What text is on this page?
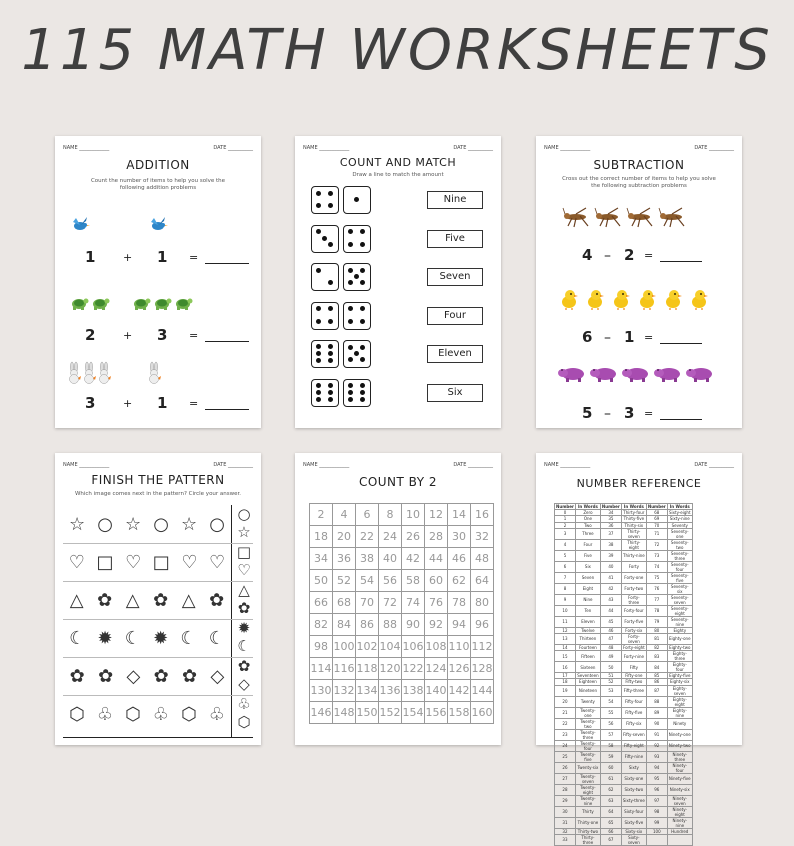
115 MATH WORKSHEETS
NAME ____________	DATE __________
ADDITION
Count the number of items to help you solve the following addition problems
1	+ 1 =
2	+ 3 =
3	+ 1 =
NAME ____________	DATE __________
COUNT AND MATCH
Draw a line to match the amount
Nine
Five
Seven
Four
Eleven
Six
NAME ____________	DATE __________
SUBTRACTION
Cross out the correct number of items to help you solve the following subtraction problems
4 – 2 =
6 – 1 =
5 – 3 =
NAME ____________	DATE __________
FINISH THE PATTERN
Which image comes next in the pattern? Circle your answer.
☆ ○ ☆ ○ ☆ ○ ○
☆
♡ □ ♡ □ ♡ ♡ □
♡
△ ✿ △ ✿ △ ✿ △
✿
☾ ✹ ☾ ✹ ☾ ☾ ✹
☾
✿ ✿ ◇ ✿ ✿ ◇ ✿
◇
⬡ ♧ ⬡ ♧ ⬡ ♧ ♧
⬡
NAME ____________	DATE __________
COUNT BY 2
2	4	6	8	10	12	14	16
18	20	22	24	26	28	30	32
34	36	38	40	42	44	46	48
50	52	54	56	58	60	62	64
66	68	70	72	74	76	78	80
82	84	86	88	90	92	94	96
98	100	102	104	106	108	110	112
114	116	118	120	122	124	126	128
130	132	134	136	138	140	142	144
146	148	150	152	154	156	158	160
NAME ____________	DATE __________
NUMBER REFERENCE
Number	In Words	Number	In Words	Number	In Words
0	Zero	34	Thirty-four	68	Sixty-eight
1	One	35	Thirty-five	69	Sixty-nine
2	Two	36	Thirty-six	70	Seventy
3	Three	37	Thirty-seven	71	Seventy-one
4	Four	38	Thirty-eight	72	Seventy-two
5	Five	39	Thirty-nine	73	Seventy-three
6	Six	40	Forty	74	Seventy-four
7	Seven	41	Forty-one	75	Seventy-five
8	Eight	42	Forty-two	76	Seventy-six
9	Nine	43	Forty-three	77	Seventy-seven
10	Ten	44	Forty-four	78	Seventy-eight
11	Eleven	45	Forty-five	79	Seventy-nine
12	Twelve	46	Forty-six	80	Eighty
13	Thirteen	47	Forty-seven	81	Eighty-one
14	Fourteen	48	Forty-eight	82	Eighty-two
15	Fifteen	49	Forty-nine	83	Eighty-three
16	Sixteen	50	Fifty	84	Eighty-four
17	Seventeen	51	Fifty-one	85	Eighty-five
18	Eighteen	52	Fifty-two	86	Eighty-six
19	Nineteen	53	Fifty-three	87	Eighty-seven
20	Twenty	54	Fifty-four	88	Eighty-eight
21	Twenty-one	55	Fifty-five	89	Eighty-nine
22	Twenty-two	56	Fifty-six	90	Ninety
23	Twenty-three	57	Fifty-seven	91	Ninety-one
24	Twenty-four	58	Fifty-eight	92	Ninety-two
25	Twenty-five	59	Fifty-nine	93	Ninety-three
26	Twenty-six	60	Sixty	94	Ninety-four
27	Twenty-seven	61	Sixty-one	95	Ninety-five
28	Twenty-eight	62	Sixty-two	96	Ninety-six
29	Twenty-nine	63	Sixty-three	97	Ninety-seven
30	Thirty	64	Sixty-four	98	Ninety-eight
31	Thirty-one	65	Sixty-five	99	Ninety-nine
32	Thirty-two	66	Sixty-six	100	Hundred
33	Thirty-three	67	Sixty-seven		
